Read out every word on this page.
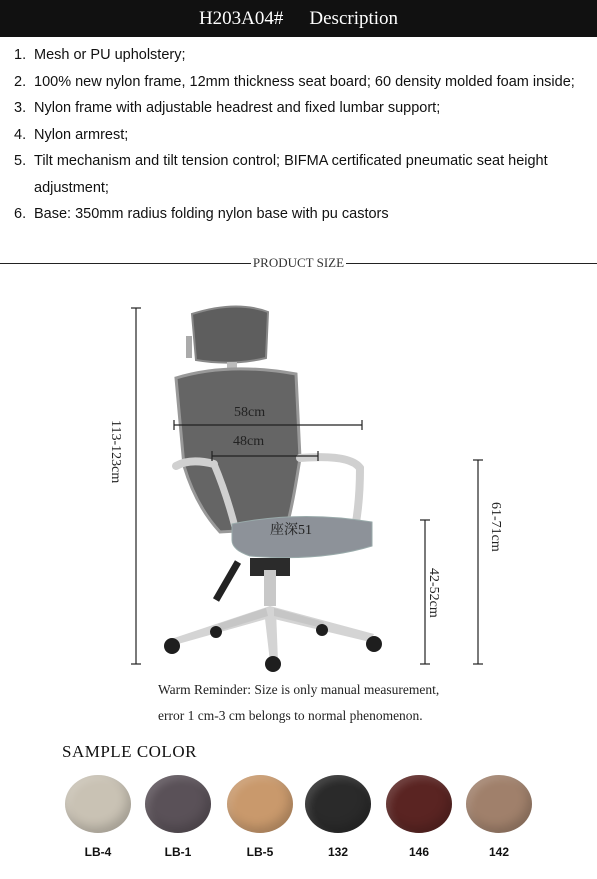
H203A04# Description
1. Mesh or PU upholstery;
2. 100% new nylon frame, 12mm thickness seat board; 60 density molded foam inside;
3. Nylon frame with adjustable headrest and fixed lumbar support;
4. Nylon armrest;
5. Tilt mechanism and tilt tension control; BIFMA certificated pneumatic seat height adjustment;
6. Base: 350mm radius folding nylon base with pu castors
PRODUCT SIZE
113-123cm
58cm
48cm
座深51	61-71cm
42-52cm
Warm Reminder: Size is only manual measurement,
error 1 cm-3 cm belongs to normal phenomenon.
SAMPLE COLOR
LB-4	LB-1	LB-5	132	146	142
